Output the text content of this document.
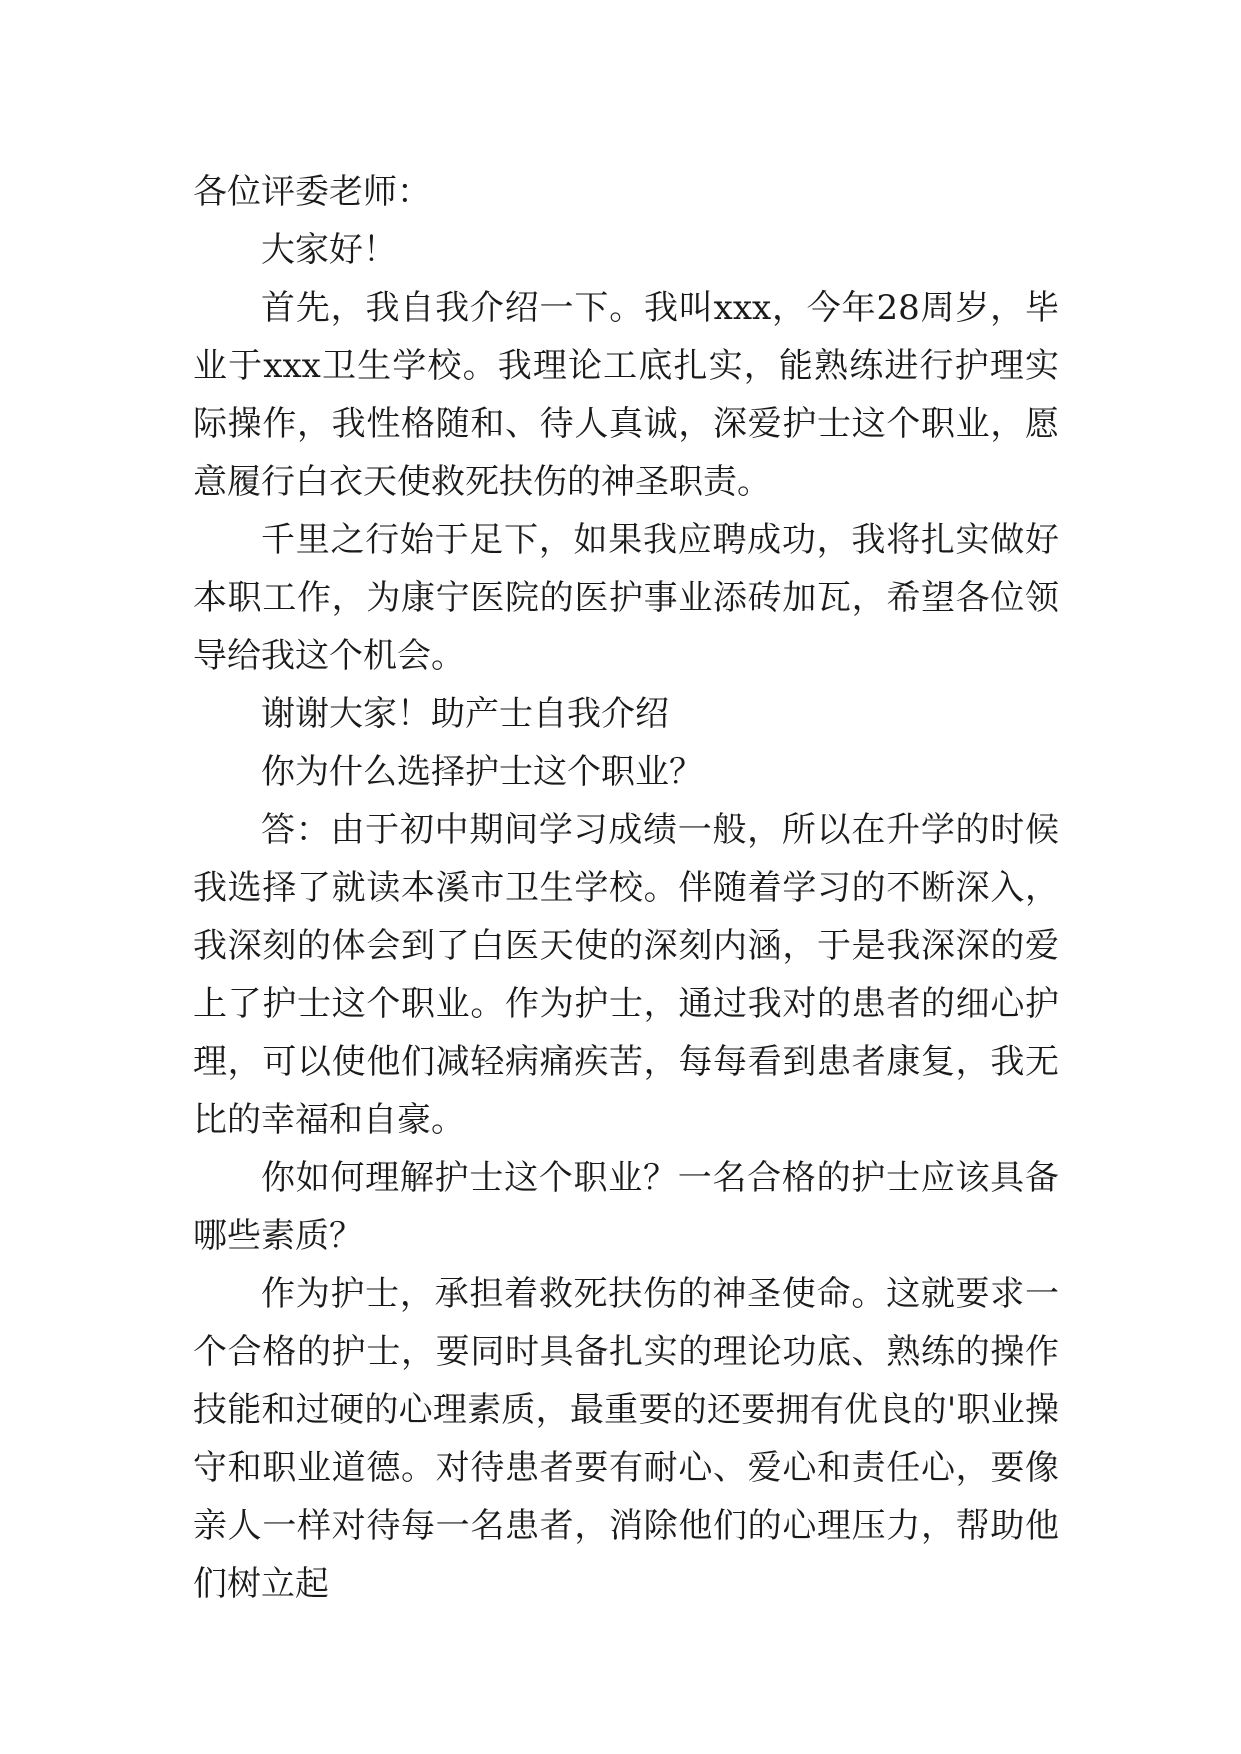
各位评委老师：

大家好！

首先，我自我介绍一下。我叫xxx，今年28周岁，毕业于xxx卫生学校。我理论工底扎实，能熟练进行护理实际操作，我性格随和、待人真诚，深爱护士这个职业，愿意履行白衣天使救死扶伤的神圣职责。

千里之行始于足下，如果我应聘成功，我将扎实做好本职工作，为康宁医院的医护事业添砖加瓦，希望各位领导给我这个机会。

谢谢大家！助产士自我介绍

你为什么选择护士这个职业？

答：由于初中期间学习成绩一般，所以在升学的时候我选择了就读本溪市卫生学校。伴随着学习的不断深入，我深刻的体会到了白医天使的深刻内涵，于是我深深的爱上了护士这个职业。作为护士，通过我对的患者的细心护理，可以使他们减轻病痛疾苦，每每看到患者康复，我无比的幸福和自豪。

你如何理解护士这个职业？一名合格的护士应该具备哪些素质？

作为护士，承担着救死扶伤的神圣使命。这就要求一个合格的护士，要同时具备扎实的理论功底、熟练的操作技能和过硬的心理素质，最重要的还要拥有优良的'职业操守和职业道德。对待患者要有耐心、爱心和责任心，要像亲人一样对待每一名患者，消除他们的心理压力，帮助他们树立起
